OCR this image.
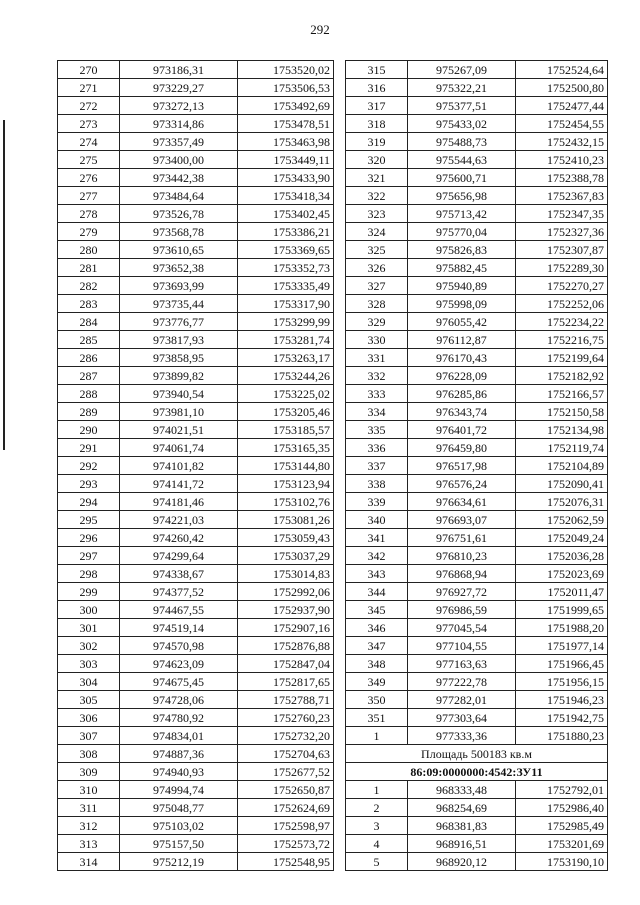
292
270	973186,31	1753520,02
271	973229,27	1753506,53
272	973272,13	1753492,69
273	973314,86	1753478,51
274	973357,49	1753463,98
275	973400,00	1753449,11
276	973442,38	1753433,90
277	973484,64	1753418,34
278	973526,78	1753402,45
279	973568,78	1753386,21
280	973610,65	1753369,65
281	973652,38	1753352,73
282	973693,99	1753335,49
283	973735,44	1753317,90
284	973776,77	1753299,99
285	973817,93	1753281,74
286	973858,95	1753263,17
287	973899,82	1753244,26
288	973940,54	1753225,02
289	973981,10	1753205,46
290	974021,51	1753185,57
291	974061,74	1753165,35
292	974101,82	1753144,80
293	974141,72	1753123,94
294	974181,46	1753102,76
295	974221,03	1753081,26
296	974260,42	1753059,43
297	974299,64	1753037,29
298	974338,67	1753014,83
299	974377,52	1752992,06
300	974467,55	1752937,90
301	974519,14	1752907,16
302	974570,98	1752876,88
303	974623,09	1752847,04
304	974675,45	1752817,65
305	974728,06	1752788,71
306	974780,92	1752760,23
307	974834,01	1752732,20
308	974887,36	1752704,63
309	974940,93	1752677,52
310	974994,74	1752650,87
311	975048,77	1752624,69
312	975103,02	1752598,97
313	975157,50	1752573,72
314	975212,19	1752548,95
315	975267,09	1752524,64
316	975322,21	1752500,80
317	975377,51	1752477,44
318	975433,02	1752454,55
319	975488,73	1752432,15
320	975544,63	1752410,23
321	975600,71	1752388,78
322	975656,98	1752367,83
323	975713,42	1752347,35
324	975770,04	1752327,36
325	975826,83	1752307,87
326	975882,45	1752289,30
327	975940,89	1752270,27
328	975998,09	1752252,06
329	976055,42	1752234,22
330	976112,87	1752216,75
331	976170,43	1752199,64
332	976228,09	1752182,92
333	976285,86	1752166,57
334	976343,74	1752150,58
335	976401,72	1752134,98
336	976459,80	1752119,74
337	976517,98	1752104,89
338	976576,24	1752090,41
339	976634,61	1752076,31
340	976693,07	1752062,59
341	976751,61	1752049,24
342	976810,23	1752036,28
343	976868,94	1752023,69
344	976927,72	1752011,47
345	976986,59	1751999,65
346	977045,54	1751988,20
347	977104,55	1751977,14
348	977163,63	1751966,45
349	977222,78	1751956,15
350	977282,01	1751946,23
351	977303,64	1751942,75
1	977333,36	1751880,23
Площадь 500183 кв.м		
86:09:0000000:4542:ЗУ11		
1	968333,48	1752792,01
2	968254,69	1752986,40
3	968381,83	1752985,49
4	968916,51	1753201,69
5	968920,12	1753190,10
